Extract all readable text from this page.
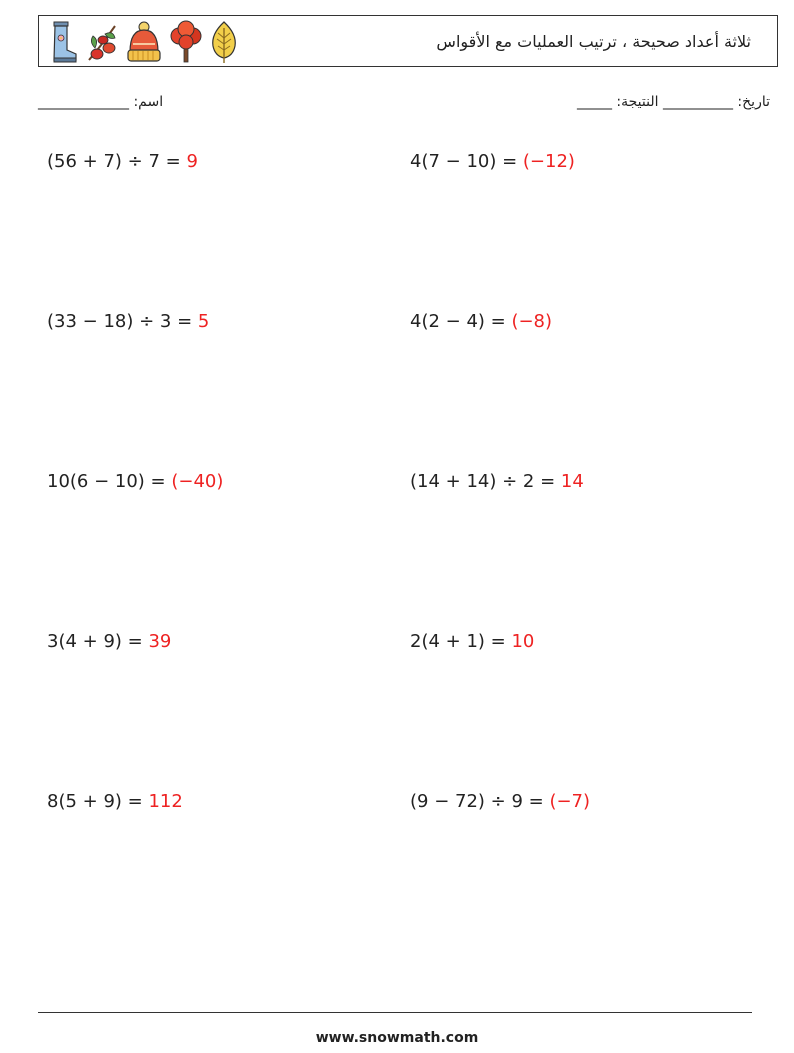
ثلاثة أعداد صحيحة ، ترتيب العمليات مع الأقواس
_____________ :اسم	_____ :تاريخ: __________ النتيجة
(56 + 7) ÷ 7 = 9	4(7 − 10) = (−12)
(33 − 18) ÷ 3 = 5	4(2 − 4) = (−8)
10(6 − 10) = (−40)	(14 + 14) ÷ 2 = 14
3(4 + 9) = 39	2(4 + 1) = 10
8(5 + 9) = 112	(9 − 72) ÷ 9 = (−7)
www.snowmath.com
